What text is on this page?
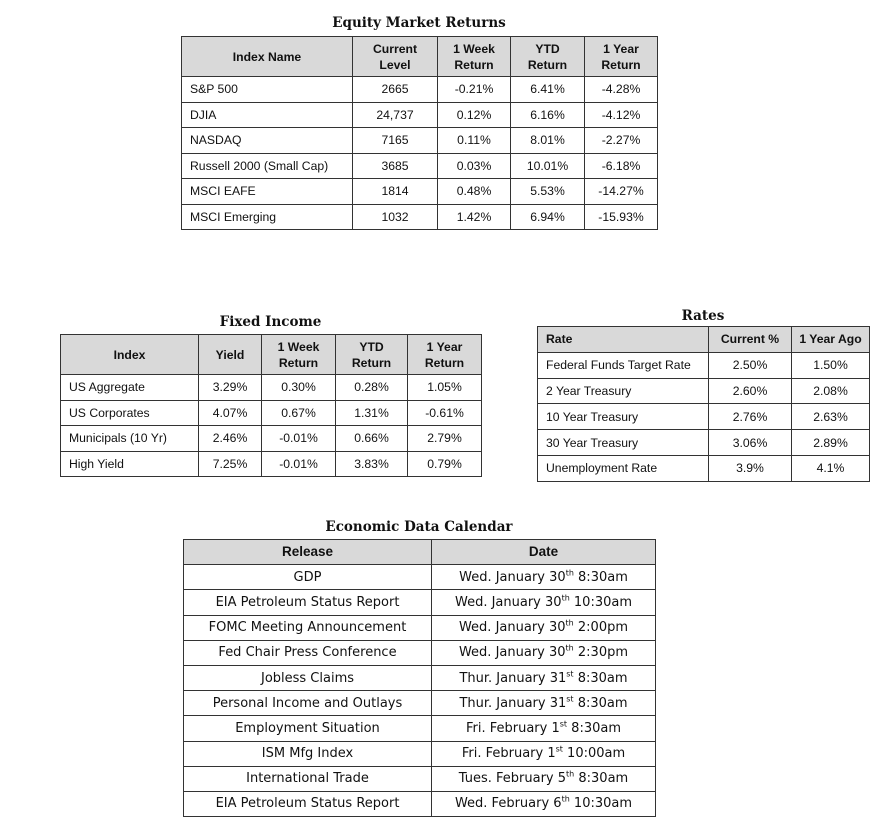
Equity Market Returns
Index Name	Current Level	1 Week Return	YTD Return	1 Year Return
S&P 500	2665	-0.21%	6.41%	-4.28%
DJIA	24,737	0.12%	6.16%	-4.12%
NASDAQ	7165	0.11%	8.01%	-2.27%
Russell 2000 (Small Cap)	3685	0.03%	10.01%	-6.18%
MSCI EAFE	1814	0.48%	5.53%	-14.27%
MSCI Emerging	1032	1.42%	6.94%	-15.93%
Fixed Income
Index	Yield	1 Week Return	YTD Return	1 Year Return
US Aggregate	3.29%	0.30%	0.28%	1.05%
US Corporates	4.07%	0.67%	1.31%	-0.61%
Municipals (10 Yr)	2.46%	-0.01%	0.66%	2.79%
High Yield	7.25%	-0.01%	3.83%	0.79%
Rates
Rate	Current %	1 Year Ago
Federal Funds Target Rate	2.50%	1.50%
2 Year Treasury	2.60%	2.08%
10 Year Treasury	2.76%	2.63%
30 Year Treasury	3.06%	2.89%
Unemployment Rate	3.9%	4.1%
Economic Data Calendar
Release	Date
GDP	Wed. January 30th 8:30am
EIA Petroleum Status Report	Wed. January 30th 10:30am
FOMC Meeting Announcement	Wed. January 30th 2:00pm
Fed Chair Press Conference	Wed. January 30th 2:30pm
Jobless Claims	Thur. January 31st 8:30am
Personal Income and Outlays	Thur. January 31st 8:30am
Employment Situation	Fri. February 1st 8:30am
ISM Mfg Index	Fri. February 1st 10:00am
International Trade	Tues. February 5th 8:30am
EIA Petroleum Status Report	Wed. February 6th 10:30am
